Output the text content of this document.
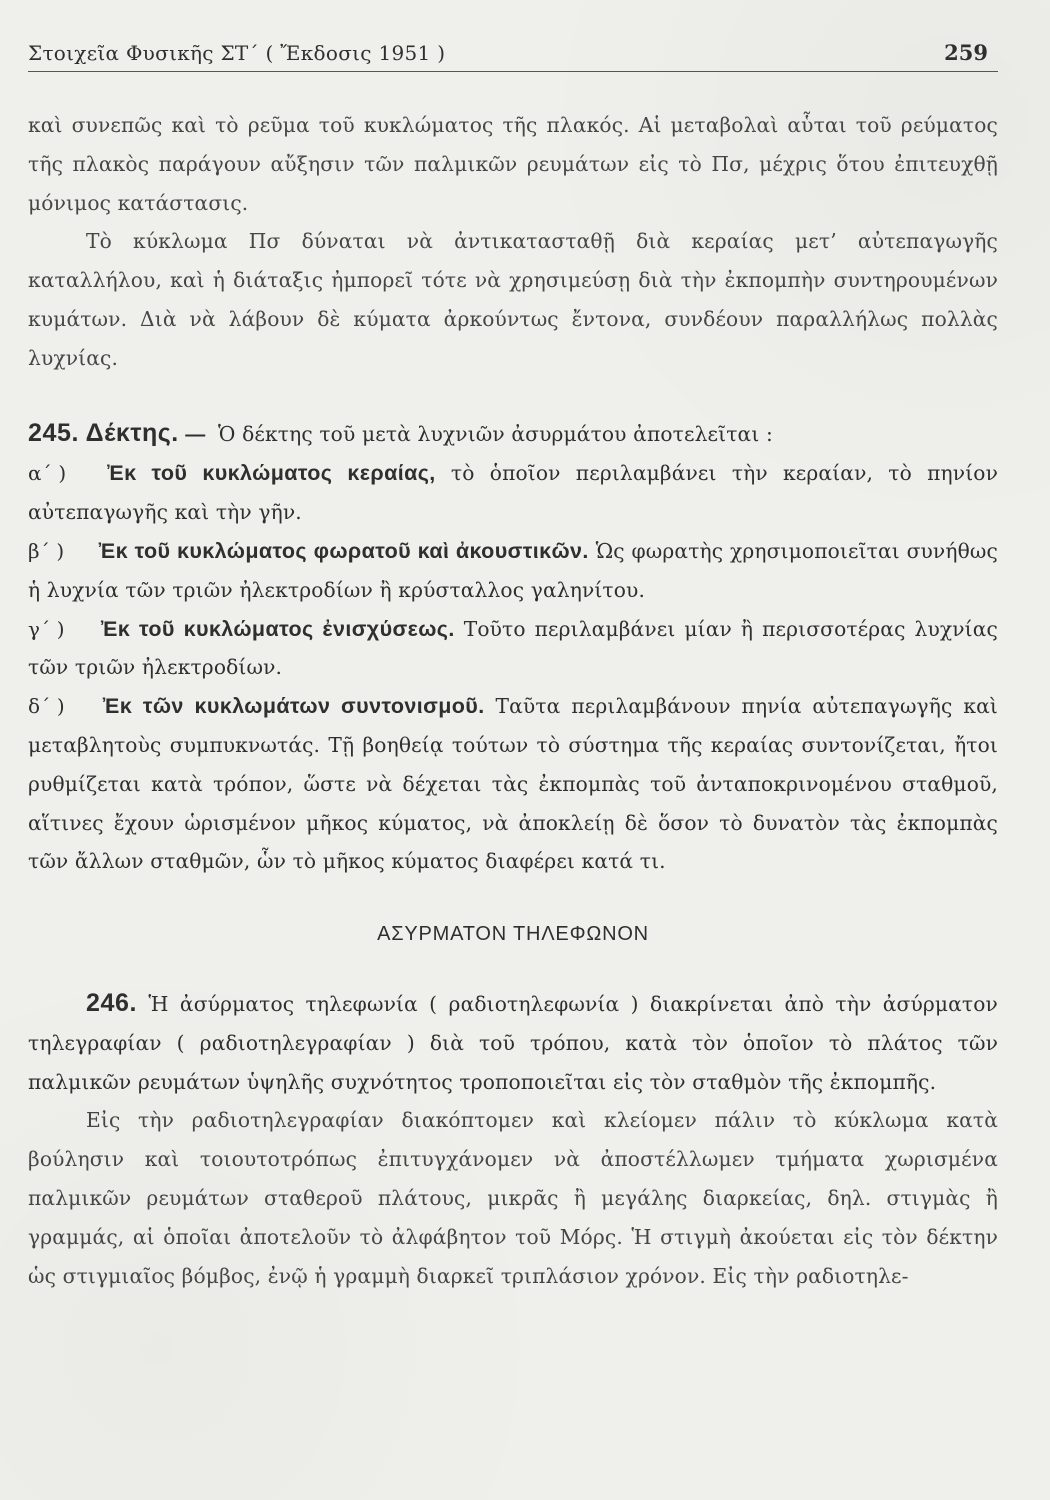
Στοιχεῖα Φυσικῆς ΣΤ´ ( Ἔκδοσις 1951 )	259

καὶ συνεπῶς καὶ τὸ ρεῦμα τοῦ κυκλώματος τῆς πλακός. Αἱ μεταβολαὶ αὗται τοῦ ρεύματος τῆς πλακὸς παράγουν αὔξησιν τῶν παλμικῶν ρευμάτων εἰς τὸ Πσ, μέχρις ὅτου ἐπιτευχθῇ μόνιμος κατάστασις.

Τὸ κύκλωμα Πσ δύναται νὰ ἀντικατασταθῇ διὰ κεραίας μετ’ αὐτεπαγωγῆς καταλλήλου, καὶ ἡ διάταξις ἠμπορεῖ τότε νὰ χρησιμεύσῃ διὰ τὴν ἐκπομπὴν συντηρουμένων κυμάτων. Διὰ νὰ λάβουν δὲ κύματα ἀρκούντως ἔντονα, συνδέουν παραλλήλως πολλὰς λυχνίας.

245. Δέκτης. — Ὁ δέκτης τοῦ μετὰ λυχνιῶν ἀσυρμάτου ἀποτελεῖται :

α´ ) Ἐκ τοῦ κυκλώματος κεραίας, τὸ ὁποῖον περιλαμβάνει τὴν κεραίαν, τὸ πηνίον αὐτεπαγωγῆς καὶ τὴν γῆν.

β´ ) Ἐκ τοῦ κυκλώματος φωρατοῦ καὶ ἀκουστικῶν. Ὡς φωρατὴς χρησιμοποιεῖται συνήθως ἡ λυχνία τῶν τριῶν ἠλεκτροδίων ἢ κρύσταλλος γαληνίτου.

γ´ ) Ἐκ τοῦ κυκλώματος ἐνισχύσεως. Τοῦτο περιλαμβάνει μίαν ἢ περισσοτέρας λυχνίας τῶν τριῶν ἠλεκτροδίων.

δ´ ) Ἐκ τῶν κυκλωμάτων συντονισμοῦ. Ταῦτα περιλαμβάνουν πηνία αὐτεπαγωγῆς καὶ μεταβλητοὺς συμπυκνωτάς. Τῇ βοηθείᾳ τούτων τὸ σύστημα τῆς κεραίας συντονίζεται, ἤτοι ρυθμίζεται κατὰ τρόπον, ὥστε νὰ δέχεται τὰς ἐκπομπὰς τοῦ ἀνταποκρινομένου σταθμοῦ, αἵτινες ἔχουν ὡρισμένον μῆκος κύματος, νὰ ἀποκλείῃ δὲ ὅσον τὸ δυνατὸν τὰς ἐκπομπὰς τῶν ἄλλων σταθμῶν, ὧν τὸ μῆκος κύματος διαφέρει κατά τι.

ΑΣΥΡΜΑΤΟΝ ΤΗΛΕΦΩΝΟΝ

246. Ἡ ἀσύρματος τηλεφωνία ( ραδιοτηλεφωνία ) διακρίνεται ἀπὸ τὴν ἀσύρματον τηλεγραφίαν ( ραδιοτηλεγραφίαν ) διὰ τοῦ τρόπου, κατὰ τὸν ὁποῖον τὸ πλάτος τῶν παλμικῶν ρευμάτων ὑψηλῆς συχνότητος τροποποιεῖται εἰς τὸν σταθμὸν τῆς ἐκπομπῆς.

Εἰς τὴν ραδιοτηλεγραφίαν διακόπτομεν καὶ κλείομεν πάλιν τὸ κύκλωμα κατὰ βούλησιν καὶ τοιουτοτρόπως ἐπιτυγχάνομεν νὰ ἀποστέλλωμεν τμήματα χωρισμένα παλμικῶν ρευμάτων σταθεροῦ πλάτους, μικρᾶς ἢ μεγάλης διαρκείας, δηλ. στιγμὰς ἢ γραμμάς, αἱ ὁποῖαι ἀποτελοῦν τὸ ἀλφάβητον τοῦ Μόρς. Ἡ στιγμὴ ἀκούεται εἰς τὸν δέκτην ὡς στιγμιαῖος βόμβος, ἐνῷ ἡ γραμμὴ διαρκεῖ τριπλάσιον χρόνον. Εἰς τὴν ραδιοτηλε-
